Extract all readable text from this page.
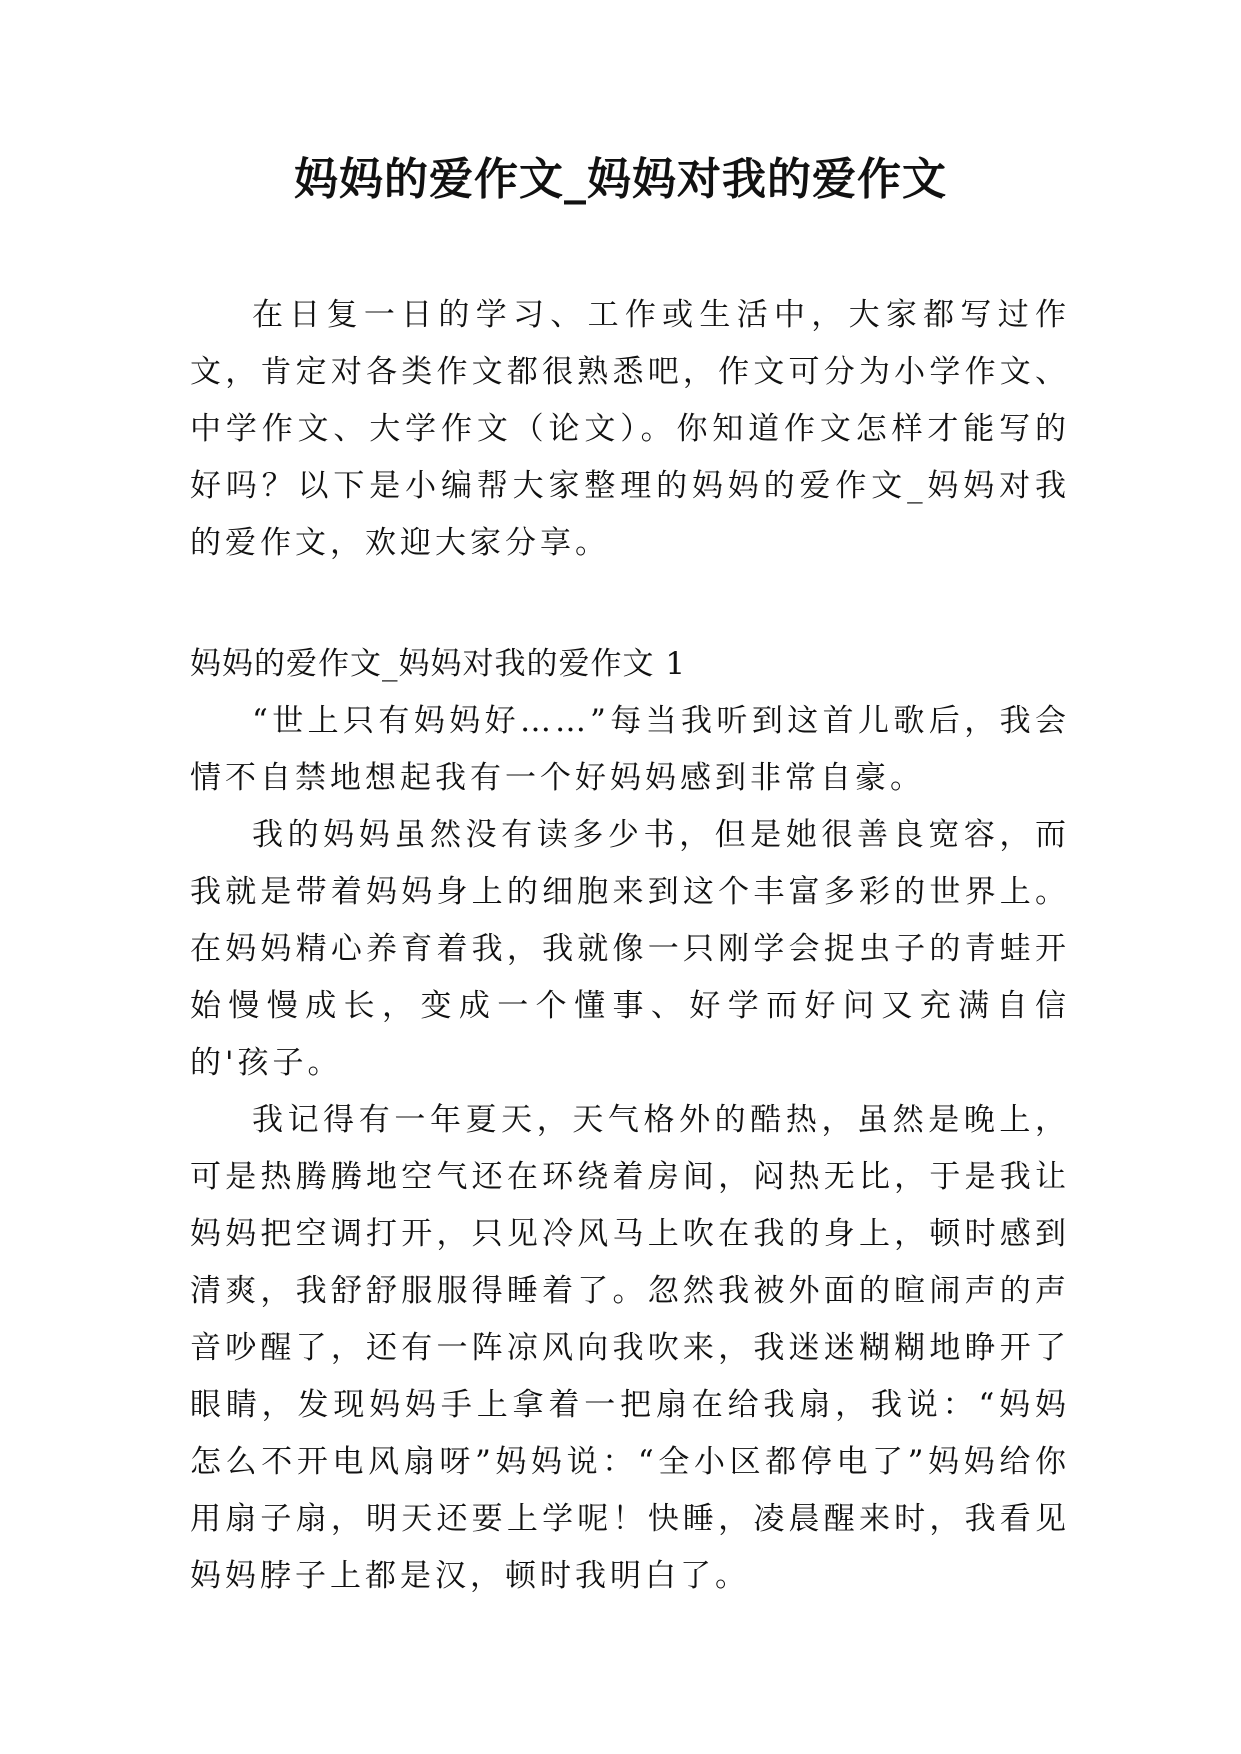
妈妈的爱作文_妈妈对我的爱作文

在日复一日的学习、工作或生活中，大家都写过作文，肯定对各类作文都很熟悉吧，作文可分为小学作文、中学作文、大学作文（论文）。你知道作文怎样才能写的好吗？以下是小编帮大家整理的妈妈的爱作文_妈妈对我的爱作文，欢迎大家分享。

妈妈的爱作文_妈妈对我的爱作文 1

“世上只有妈妈好……”每当我听到这首儿歌后，我会情不自禁地想起我有一个好妈妈感到非常自豪。

我的妈妈虽然没有读多少书，但是她很善良宽容，而我就是带着妈妈身上的细胞来到这个丰富多彩的世界上。在妈妈精心养育着我，我就像一只刚学会捉虫子的青蛙开始慢慢成长，变成一个懂事、好学而好问又充满自信的'孩子。

我记得有一年夏天，天气格外的酷热，虽然是晚上，可是热腾腾地空气还在环绕着房间，闷热无比，于是我让妈妈把空调打开，只见冷风马上吹在我的身上，顿时感到清爽，我舒舒服服得睡着了。忽然我被外面的暄闹声的声音吵醒了，还有一阵凉风向我吹来，我迷迷糊糊地睁开了眼睛，发现妈妈手上拿着一把扇在给我扇，我说：“妈妈怎么不开电风扇呀”妈妈说：“全小区都停电了”妈妈给你用扇子扇，明天还要上学呢！快睡，凌晨醒来时，我看见妈妈脖子上都是汉，顿时我明白了。
